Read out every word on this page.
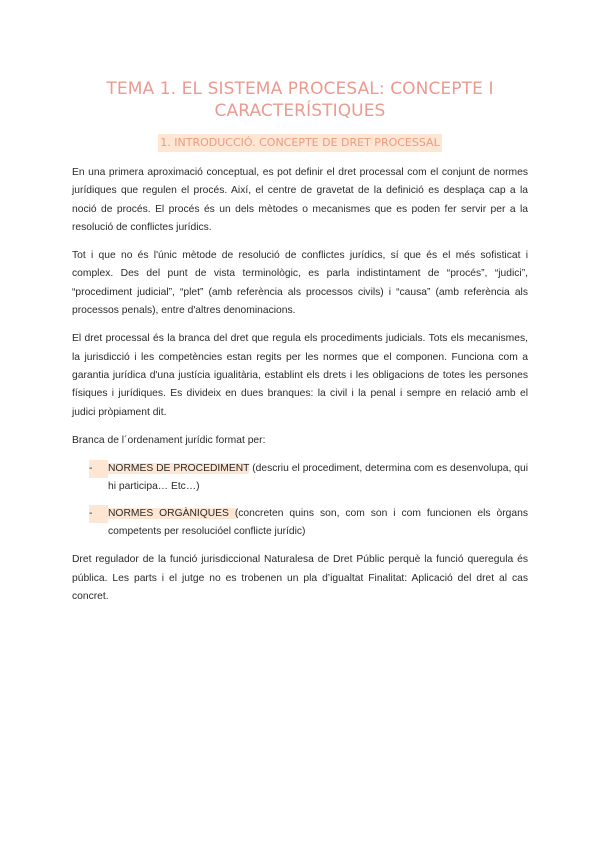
TEMA 1. EL SISTEMA PROCESAL: CONCEPTE I CARACTERÍSTIQUES
1. INTRODUCCIÓ. CONCEPTE DE DRET PROCESSAL

En una primera aproximació conceptual, es pot definir el dret processal com el conjunt de normes jurídiques que regulen el procés. Així, el centre de gravetat de la definició es desplaça cap a la noció de procés. El procés és un dels mètodes o mecanismes que es poden fer servir per a la resolució de conflictes jurídics.

Tot i que no és l'únic mètode de resolució de conflictes jurídics, sí que és el més sofisticat i complex. Des del punt de vista terminològic, es parla indistintament de “procés”, “judici”, “procediment judicial”, “plet” (amb referència als processos civils) i “causa” (amb referència als processos penals), entre d'altres denominacions.

El dret processal és la branca del dret que regula els procediments judicials. Tots els mecanismes, la jurisdicció i les competències estan regits per les normes que el componen. Funciona com a garantia jurídica d'una justícia igualitària, establint els drets i les obligacions de totes les persones físiques i jurídiques. Es divideix en dues branques: la civil i la penal i sempre en relació amb el judici pròpiament dit.

Branca de l´ordenament jurídic format per:

-	NORMES DE PROCEDIMENT (descriu el procediment, determina com es desenvolupa, qui hi participa… Etc…)
-	NORMES ORGÀNIQUES (concreten quins son, com son i com funcionen els òrgans competents per resolucióel conflicte jurídic)

Dret regulador de la funció jurisdiccional Naturalesa de Dret Públic perquè la funció queregula és pública. Les parts i el jutge no es trobenen un pla d’igualtat Finalitat: Aplicació del dret al cas concret.
